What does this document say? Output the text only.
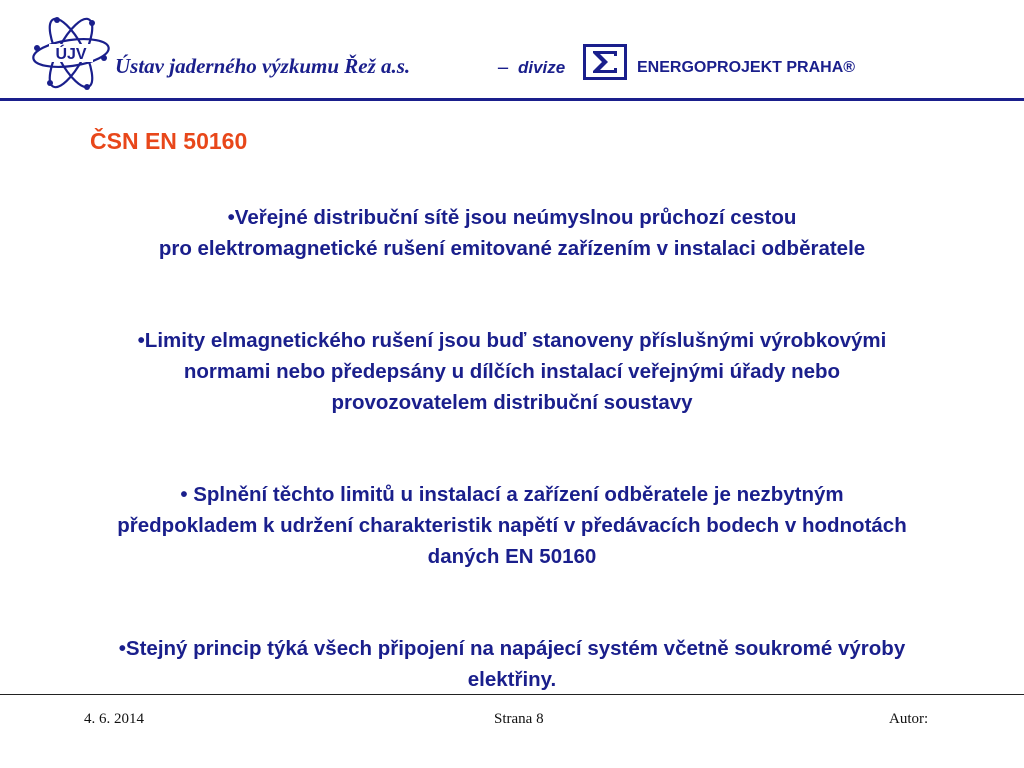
ÚJV Ústav jaderného výzkumu Řež a.s.	– divize	ENERGOPROJEKT PRAHA®
ČSN EN 50160

•Veřejné distribuční sítě jsou neúmyslnou průchozí cestou
pro elektromagnetické rušení emitované zařízením v instalaci odběratele

•Limity elmagnetického rušení jsou buď stanoveny příslušnými výrobkovými
normami nebo předepsány u dílčích instalací veřejnými úřady nebo
provozovatelem distribuční soustavy

• Splnění těchto limitů u instalací a zařízení odběratele je nezbytným
předpokladem k udržení charakteristik napětí v předávacích bodech v hodnotách
daných EN 50160

•Stejný princip týká všech připojení na napájecí systém včetně soukromé výroby
elektřiny.

4. 6. 2014	Strana 8	Autor:
